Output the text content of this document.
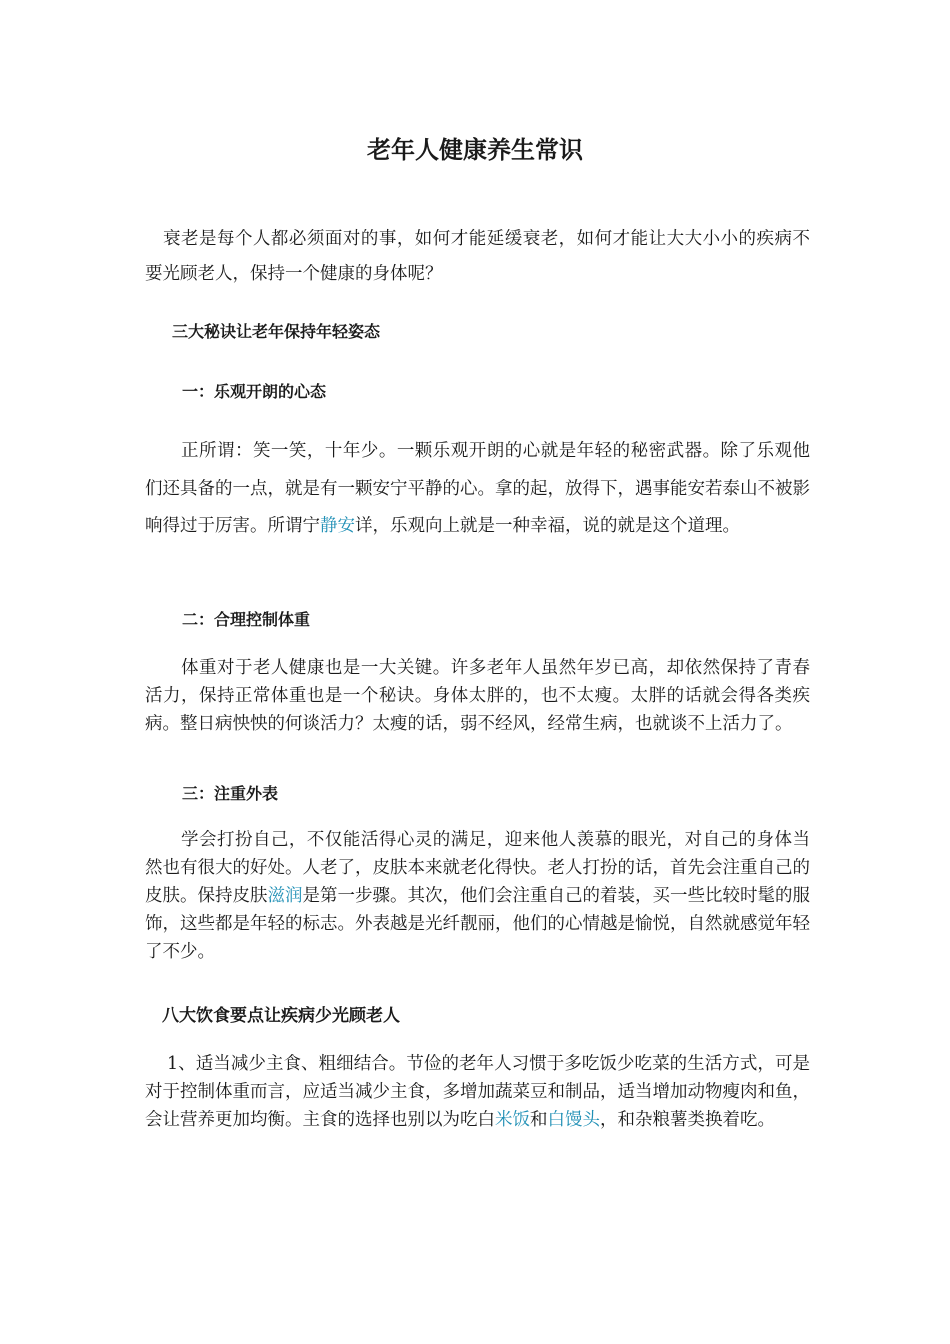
老年人健康养生常识

衰老是每个人都必须面对的事，如何才能延缓衰老，如何才能让大大小小的疾病不要光顾老人，保持一个健康的身体呢？

三大秘诀让老年保持年轻姿态
一：乐观开朗的心态

正所谓：笑一笑，十年少。一颗乐观开朗的心就是年轻的秘密武器。除了乐观他们还具备的一点，就是有一颗安宁平静的心。拿的起，放得下，遇事能安若泰山不被影响得过于厉害。所谓宁静安详，乐观向上就是一种幸福，说的就是这个道理。

二：合理控制体重

体重对于老人健康也是一大关键。许多老年人虽然年岁已高，却依然保持了青春活力，保持正常体重也是一个秘诀。身体太胖的，也不太瘦。太胖的话就会得各类疾病。整日病怏怏的何谈活力？太瘦的话，弱不经风，经常生病，也就谈不上活力了。

三：注重外表

学会打扮自己，不仅能活得心灵的满足，迎来他人羡慕的眼光，对自己的身体当然也有很大的好处。人老了，皮肤本来就老化得快。老人打扮的话，首先会注重自己的皮肤。保持皮肤滋润是第一步骤。其次，他们会注重自己的着装，买一些比较时髦的服饰，这些都是年轻的标志。外表越是光纤靓丽，他们的心情越是愉悦，自然就感觉年轻了不少。

八大饮食要点让疾病少光顾老人

1、适当减少主食、粗细结合。节俭的老年人习惯于多吃饭少吃菜的生活方式，可是对于控制体重而言，应适当减少主食，多增加蔬菜豆和制品，适当增加动物瘦肉和鱼，会让营养更加均衡。主食的选择也别以为吃白米饭和白馒头，和杂粮薯类换着吃。
